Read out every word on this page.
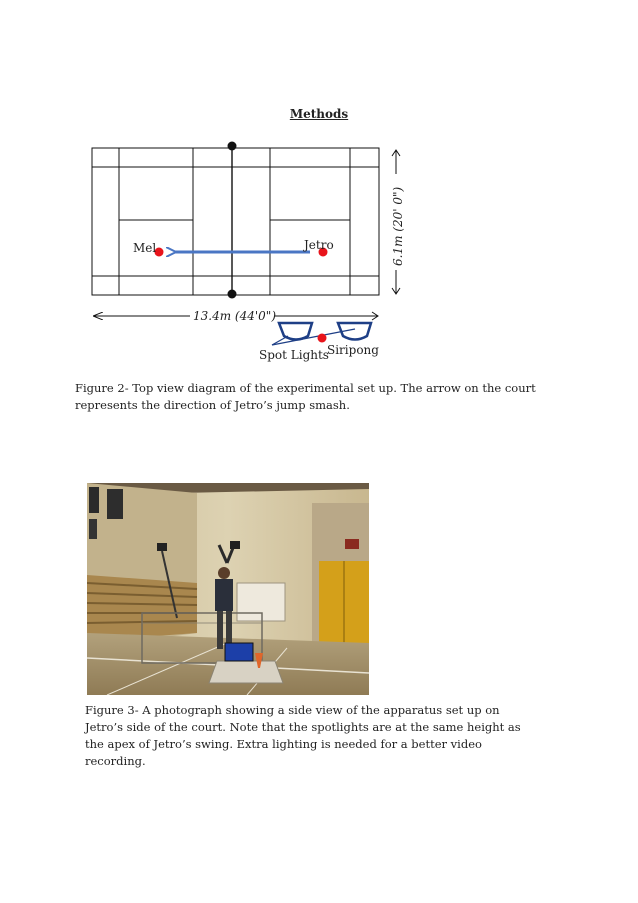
Methods
Mel	Jetro
13.4m (44'0")
6.1m (20' 0")
Spot Lights
Siripong
Figure 2- Top view diagram of the experimental set up. The arrow on the court represents the direction of Jetro’s jump smash.
Figure 3- A photograph showing a side view of the apparatus set up on Jetro’s side of the court. Note that the spotlights are at the same height as the apex of Jetro’s swing. Extra lighting is needed for a better video recording.
